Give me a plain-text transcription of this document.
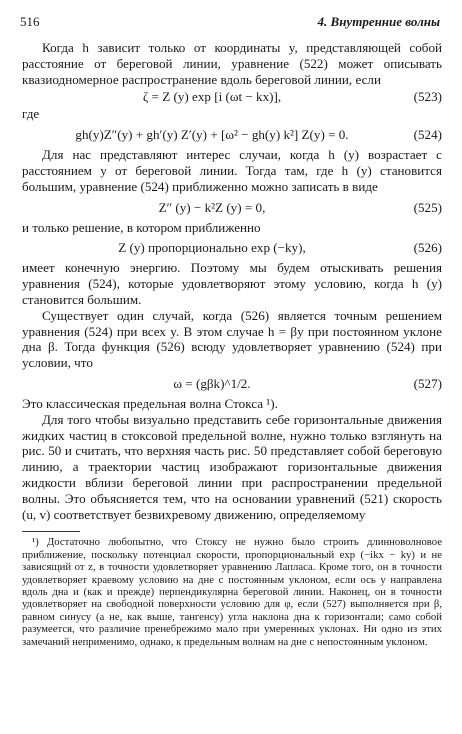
516	4. Внутренние волны

Когда h зависит только от координаты y, представляющей собой расстояние от береговой линии, уравнение (522) может описывать квазиодномерное распространение вдоль береговой линии, если

ζ = Z (y) exp [i (ωt − kx)],	(523)
где
gh(y)Z″(y) + gh′(y) Z′(y) + [ω² − gh(y) k²] Z(y) = 0.	(524)

Для нас представляют интерес случаи, когда h (y) возрастает с расстоянием y от береговой линии. Тогда там, где h (y) становится большим, уравнение (524) приближенно можно записать в виде

Z″ (y) − k²Z (y) = 0,	(525)

и только решение, в котором приближенно

Z (y) пропорционально exp (−ky),	(526)

имеет конечную энергию. Поэтому мы будем отыскивать решения уравнения (524), которые удовлетворяют этому условию, когда h (y) становится большим.

Существует один случай, когда (526) является точным решением уравнения (524) при всех y. В этом случае h = βy при постоянном уклоне дна β. Тогда функция (526) всюду удовлетворяет уравнению (524) при условии, что

ω = (gβk)^1/2.	(527)

Это классическая предельная волна Стокса ¹).

Для того чтобы визуально представить себе горизонтальные движения жидких частиц в стоксовой предельной волне, нужно только взглянуть на рис. 50 и считать, что верхняя часть рис. 50 представляет собой береговую линию, а траектории частиц изображают горизонтальные движения жидкости вблизи береговой линии при распространении предельной волны. Это объясняется тем, что на основании уравнений (521) скорость (u, v) соответствует безвихревому движению, определяемому

¹) Достаточно любопытно, что Стоксу не нужно было строить длинноволновое приближение, поскольку потенциал скорости, пропорциональный exp (−ikx − ky) и не зависящий от z, в точности удовлетворяет уравнению Лапласа. Кроме того, он в точности удовлетворяет краевому условию на дне с постоянным уклоном, если ось y направлена вдоль дна и (как и прежде) перпендикулярна береговой линии. Наконец, он в точности удовлетворяет на свободной поверхности условию для φ, если (527) выполняется при β, равном синусу (а не, как выше, тангенсу) угла наклона дна к горизонтали; само собой разумеется, что различие пренебрежимо мало при умеренных уклонах. Ни одно из этих замечаний неприменимо, однако, к предельным волнам на дне с непостоянным уклоном.
